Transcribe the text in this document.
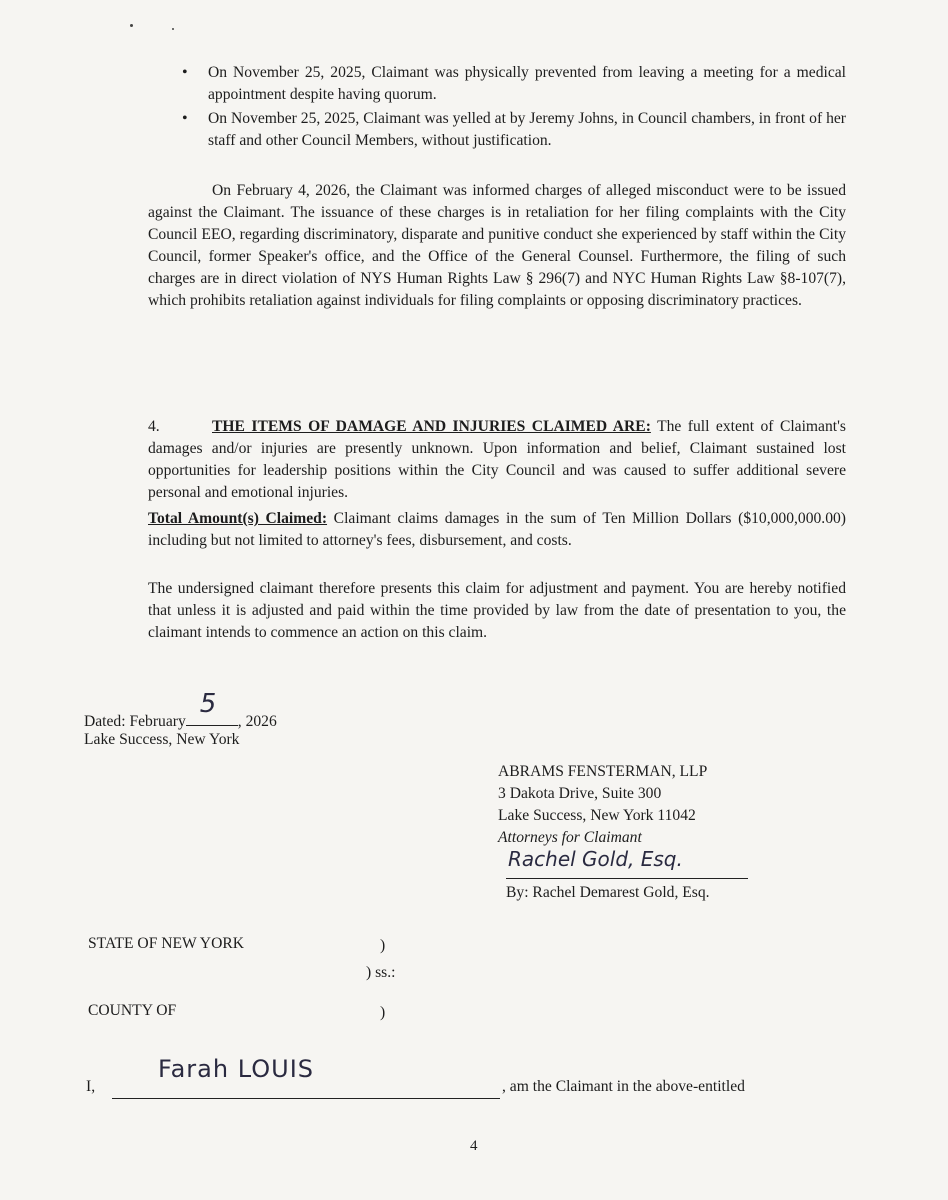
• On November 25, 2025, Claimant was physically prevented from leaving a meeting for a medical appointment despite having quorum.
• On November 25, 2025, Claimant was yelled at by Jeremy Johns, in Council chambers, in front of her staff and other Council Members, without justification.
On February 4, 2026, the Claimant was informed charges of alleged misconduct were to be issued against the Claimant. The issuance of these charges is in retaliation for her filing complaints with the City Council EEO, regarding discriminatory, disparate and punitive conduct she experienced by staff within the City Council, former Speaker's office, and the Office of the General Counsel. Furthermore, the filing of such charges are in direct violation of NYS Human Rights Law § 296(7) and NYC Human Rights Law §8-107(7), which prohibits retaliation against individuals for filing complaints or opposing discriminatory practices.
4.	THE ITEMS OF DAMAGE AND INJURIES CLAIMED ARE: The full extent of Claimant's damages and/or injuries are presently unknown. Upon information and belief, Claimant sustained lost opportunities for leadership positions within the City Council and was caused to suffer additional severe personal and emotional injuries.
Total Amount(s) Claimed: Claimant claims damages in the sum of Ten Million Dollars ($10,000,000.00) including but not limited to attorney's fees, disbursement, and costs.
The undersigned claimant therefore presents this claim for adjustment and payment. You are hereby notified that unless it is adjusted and paid within the time provided by law from the date of presentation to you, the claimant intends to commence an action on this claim.
Dated: February
5
, 2026
Lake Success, New York
ABRAMS FENSTERMAN, LLP
3 Dakota Drive, Suite 300
Lake Success, New York 11042
Attorneys for Claimant
Rachel Gold, Esq.
By: Rachel Demarest Gold, Esq.
STATE OF NEW YORK	)
) ss.:
COUNTY OF	)
I,
Farah LOUIS
, am the Claimant in the above-entitled
4
